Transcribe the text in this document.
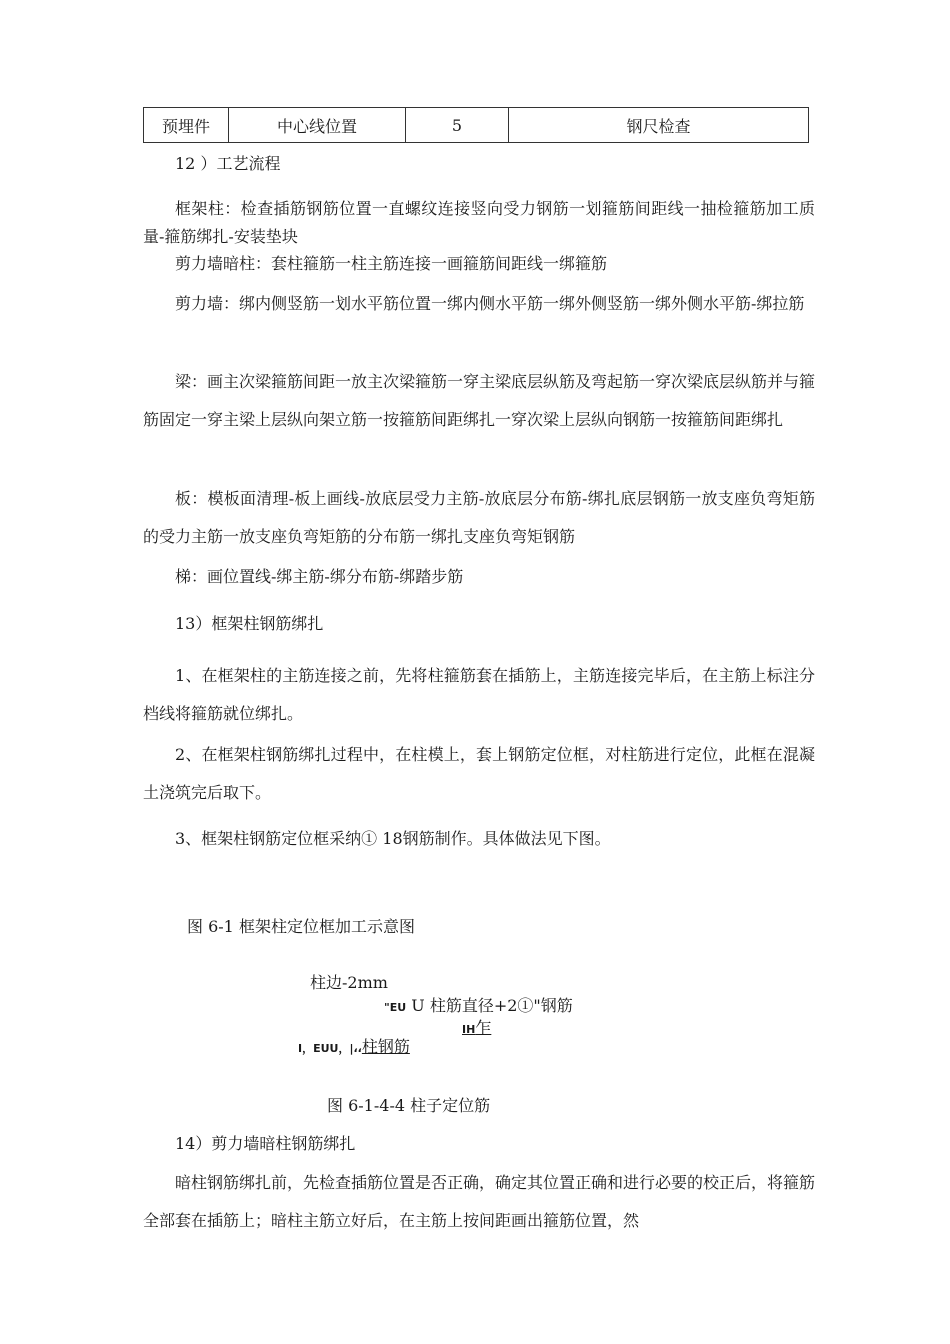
预埋件	中心线位置	5	钢尺检查

12 ）工艺流程

框架柱：检查插筋钢筋位置一直螺纹连接竖向受力钢筋一划箍筋间距线一抽检箍筋加工质量-箍筋绑扎-安装垫块

剪力墙暗柱：套柱箍筋一柱主筋连接一画箍筋间距线一绑箍筋

剪力墙：绑内侧竖筋一划水平筋位置一绑内侧水平筋一绑外侧竖筋一绑外侧水平筋-绑拉筋

梁：画主次梁箍筋间距一放主次梁箍筋一穿主梁底层纵筋及弯起筋一穿次梁底层纵筋并与箍筋固定一穿主梁上层纵向架立筋一按箍筋间距绑扎一穿次梁上层纵向钢筋一按箍筋间距绑扎

板：模板面清理-板上画线-放底层受力主筋-放底层分布筋-绑扎底层钢筋一放支座负弯矩筋的受力主筋一放支座负弯矩筋的分布筋一绑扎支座负弯矩钢筋

梯：画位置线-绑主筋-绑分布筋-绑踏步筋

13）框架柱钢筋绑扎

1、在框架柱的主筋连接之前，先将柱箍筋套在插筋上，主筋连接完毕后，在主筋上标注分档线将箍筋就位绑扎。

2、在框架柱钢筋绑扎过程中，在柱模上，套上钢筋定位框，对柱筋进行定位，此框在混凝土浇筑完后取下。

3、框架柱钢筋定位框采纳① 18钢筋制作。具体做法见下图。

图 6-1 框架柱定位框加工示意图
柱边-2mm
"EU U 柱筋直径+2①"钢筋
IH乍
I，EUU，|،،柱钢筋
图 6-1-4-4 柱子定位筋

14）剪力墙暗柱钢筋绑扎

暗柱钢筋绑扎前，先检查插筋位置是否正确，确定其位置正确和进行必要的校正后，将箍筋全部套在插筋上；暗柱主筋立好后，在主筋上按间距画出箍筋位置，然
